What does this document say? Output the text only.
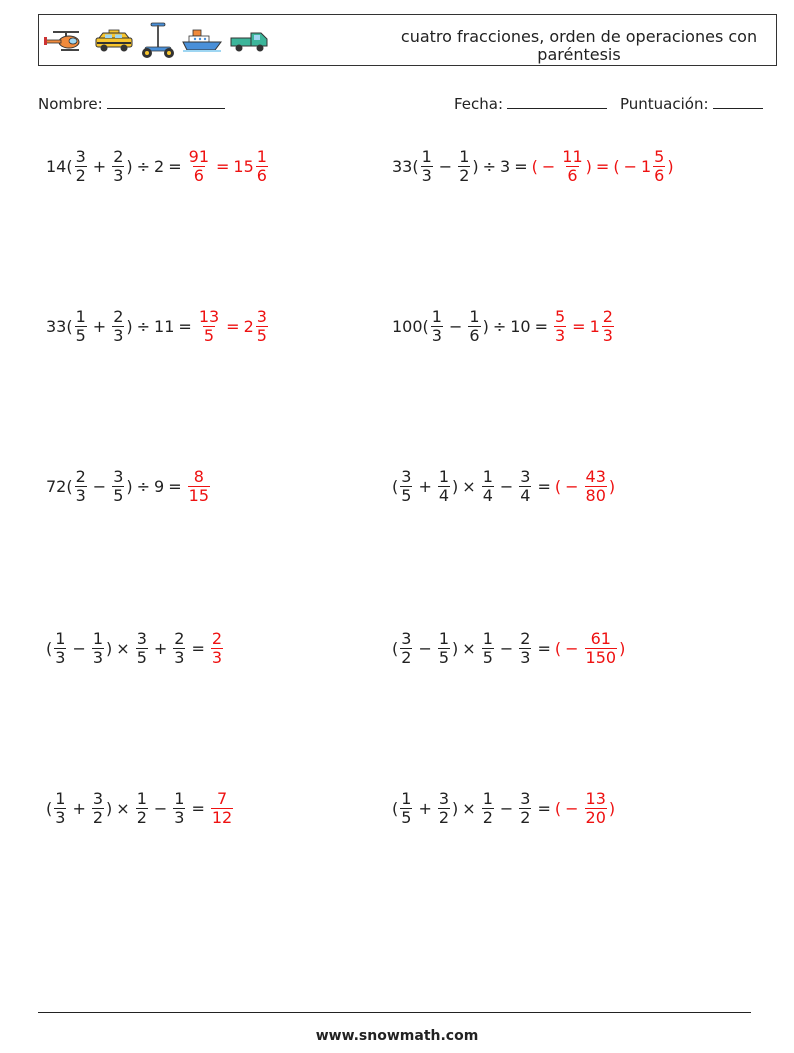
cuatro fracciones, orden de operaciones con paréntesis
Nombre:	Fecha:	Puntuación:
$14( \frac{3}{2} + \frac{2}{3}$ ) ÷ $2 = \frac{91}{6} = 15 \frac{1}{6}$	$33( \frac{1}{3} - \frac{1}{2}$ ) ÷ 3 = ( − $\frac{11}{6}$ ) = ( − $1 \frac{5}{6}$ )
$33( \frac{1}{5} + \frac{2}{3}$ ) ÷ $11 = \frac{13}{5} = 2 \frac{3}{5}$	$100( \frac{1}{3} - \frac{1}{6}$ ) ÷ $10 = \frac{5}{3} = 1 \frac{2}{3}$
$72( \frac{2}{3} - \frac{3}{5}$ ) ÷ $9 = \frac{8}{15}$	( $\frac{3}{5} + \frac{1}{4}$ ) × $\frac{1}{4} - \frac{3}{4}$ = ( − $\frac{43}{80}$ )
( $\frac{1}{3} - \frac{1}{3}$ ) × $\frac{3}{5} + \frac{2}{3} = \frac{2}{3}$	( $\frac{3}{2} - \frac{1}{5}$ ) × $\frac{1}{5} - \frac{2}{3}$ = ( − $\frac{61}{150}$ )
( $\frac{1}{3} + \frac{3}{2}$ ) × $\frac{1}{2} - \frac{1}{3} = \frac{7}{12}$	( $\frac{1}{5} + \frac{3}{2}$ ) × $\frac{1}{2} - \frac{3}{2}$ = ( − $\frac{13}{20}$ )
www.snowmath.com
